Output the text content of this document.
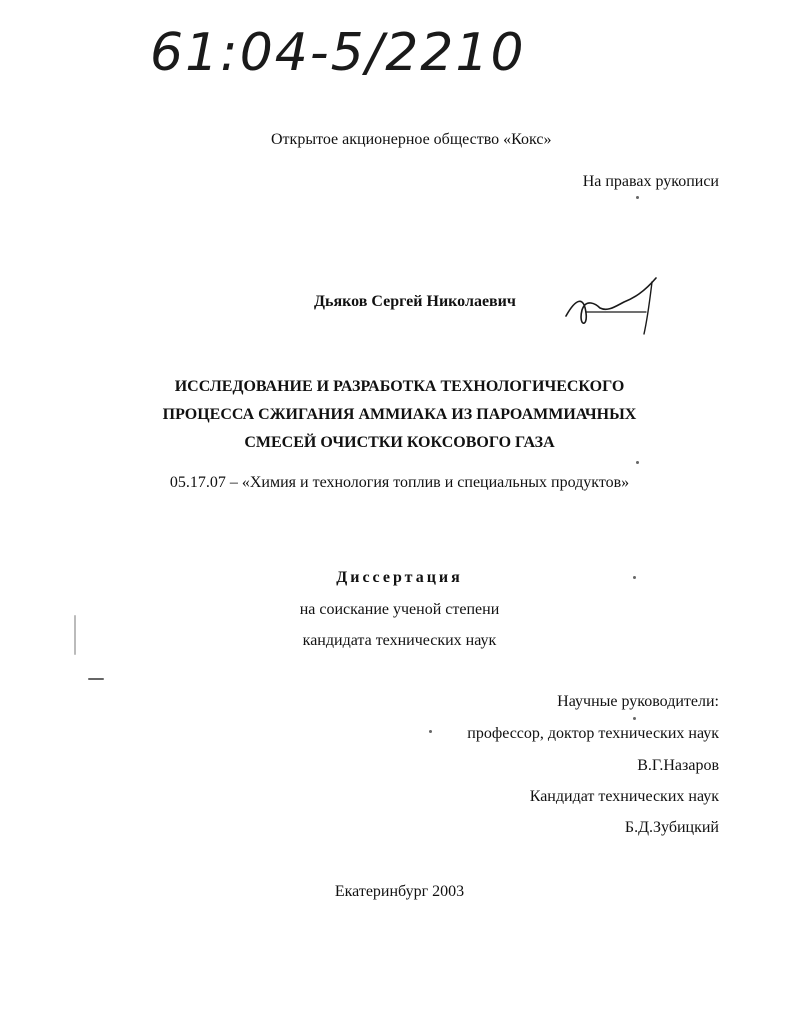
61:04-5/2210
Открытое акционерное общество «Кокс»
На правах рукописи
Дьяков Сергей Николаевич
ИССЛЕДОВАНИЕ И РАЗРАБОТКА ТЕХНОЛОГИЧЕСКОГО
ПРОЦЕССА СЖИГАНИЯ АММИАКА ИЗ ПАРОАММИАЧНЫХ
СМЕСЕЙ ОЧИСТКИ КОКСОВОГО ГАЗА
05.17.07 – «Химия и технология топлив и специальных продуктов»
Диссертация
на соискание ученой степени
кандидата технических наук
Научные руководители:
профессор, доктор технических наук
В.Г.Назаров
Кандидат технических наук
Б.Д.Зубицкий
Екатеринбург 2003
